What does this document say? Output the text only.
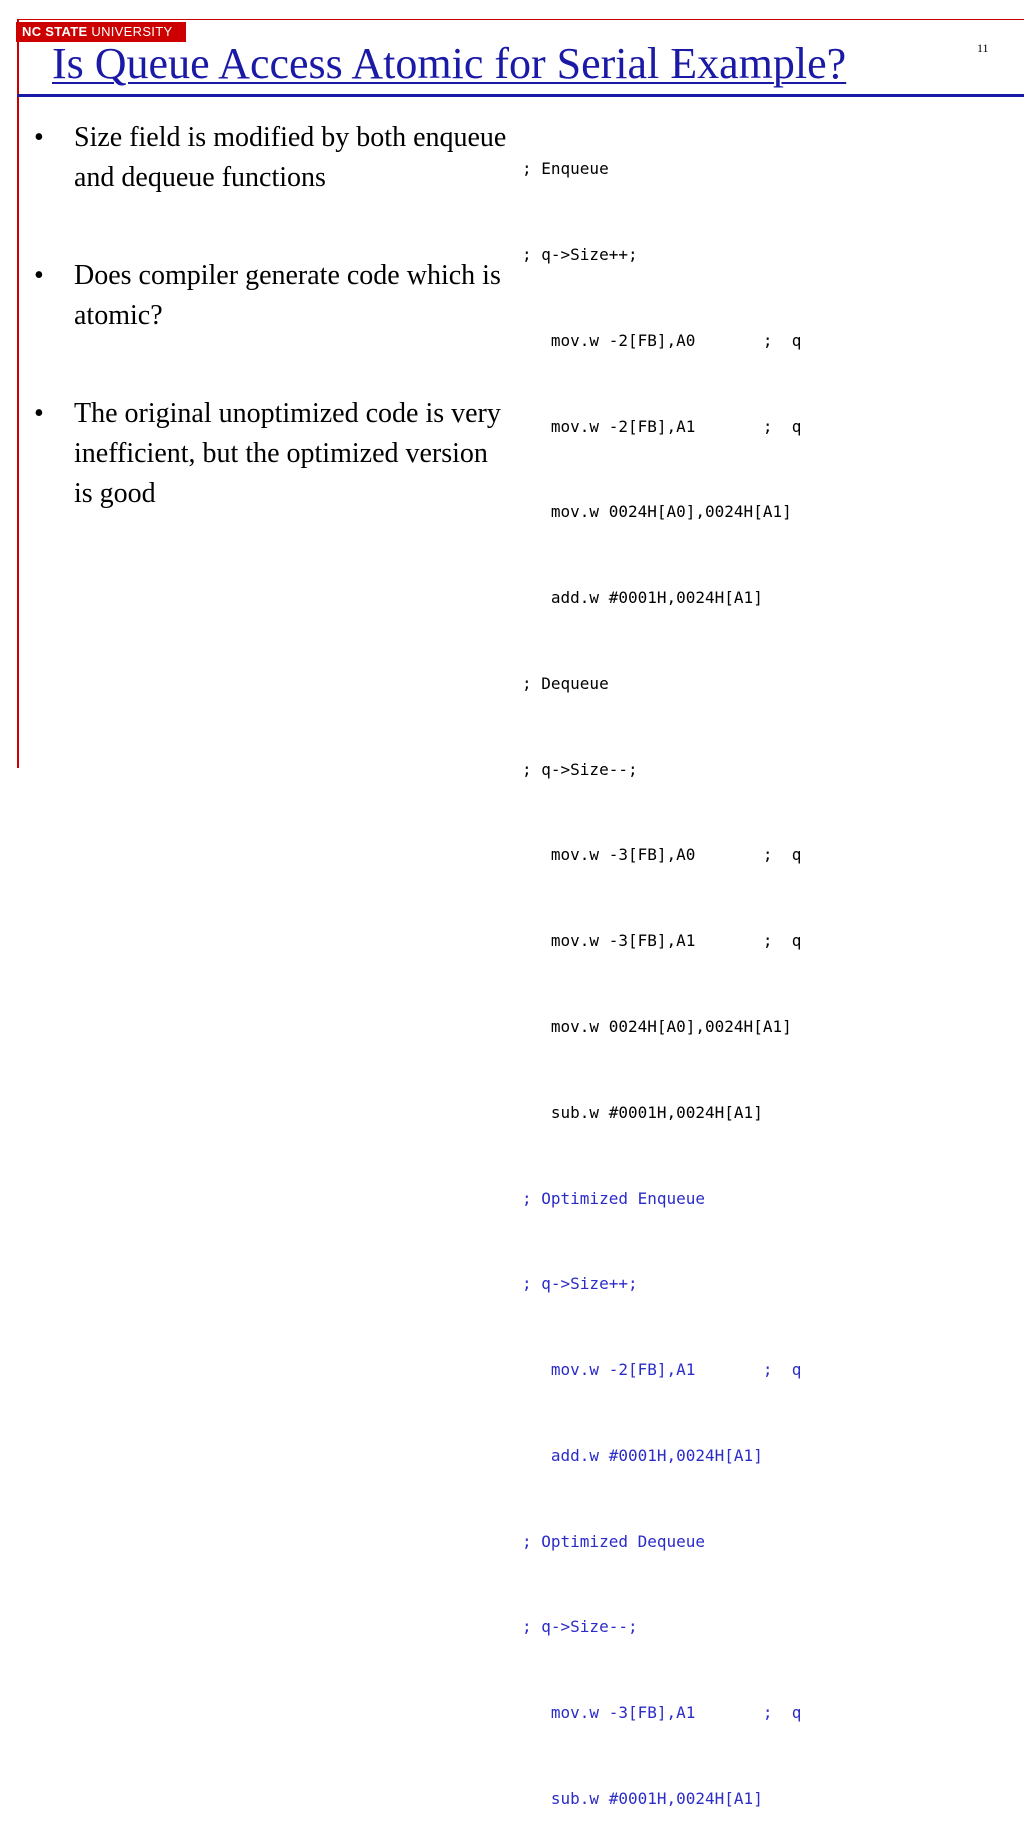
NC STATE UNIVERSITY
Is Queue Access Atomic for Serial Example?	11
• Size field is modified by both enqueue and dequeue functions
• Does compiler generate code which is atomic?
• The original unoptimized code is very inefficient, but the optimized version is good

; Enqueue

; q->Size++;

mov.w -2[FB],A0       ;  q

mov.w -2[FB],A1       ;  q

mov.w 0024H[A0],0024H[A1]

add.w #0001H,0024H[A1]

; Dequeue

; q->Size--;

mov.w -3[FB],A0       ;  q

mov.w -3[FB],A1       ;  q

mov.w 0024H[A0],0024H[A1]

sub.w #0001H,0024H[A1]

; Optimized Enqueue

; q->Size++;

mov.w -2[FB],A1       ;  q

add.w #0001H,0024H[A1]

; Optimized Dequeue

; q->Size--;

mov.w -3[FB],A1       ;  q

sub.w #0001H,0024H[A1]
